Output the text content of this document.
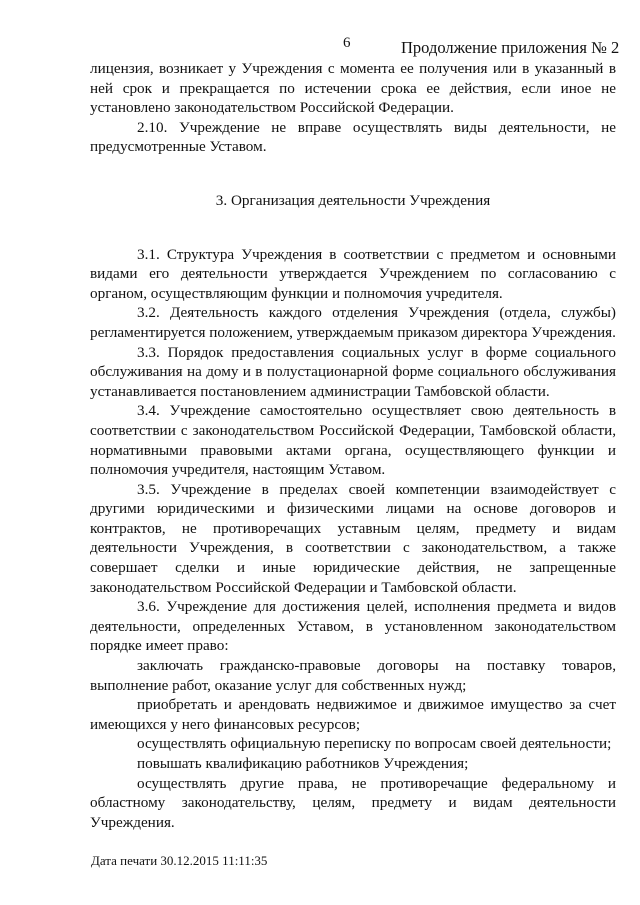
6	Продолжение приложения № 2

лицензия, возникает у Учреждения с момента ее получения или в указанный в ней срок и прекращается по истечении срока ее действия, если иное не установлено законодательством Российской Федерации.

2.10. Учреждение не вправе осуществлять виды деятельности, не предусмотренные Уставом.

3. Организация деятельности Учреждения

3.1. Структура Учреждения в соответствии с предметом и основными видами его деятельности утверждается Учреждением по согласованию с органом, осуществляющим функции и полномочия учредителя.

3.2. Деятельность каждого отделения Учреждения (отдела, службы) регламентируется положением, утверждаемым приказом директора Учреждения.

3.3. Порядок предоставления социальных услуг в форме социального обслуживания на дому и в полустационарной форме социального обслуживания устанавливается постановлением администрации Тамбовской области.

3.4. Учреждение самостоятельно осуществляет свою деятельность в соответствии с законодательством Российской Федерации, Тамбовской области, нормативными правовыми актами органа, осуществляющего функции и полномочия учредителя, настоящим Уставом.

3.5. Учреждение в пределах своей компетенции взаимодействует с другими юридическими и физическими лицами на основе договоров и контрактов, не противоречащих уставным целям, предмету и видам деятельности Учреждения, в соответствии с законодательством, а также совершает сделки и иные юридические действия, не запрещенные законодательством Российской Федерации и Тамбовской области.

3.6. Учреждение для достижения целей, исполнения предмета и видов деятельности, определенных Уставом, в установленном законодательством порядке имеет право:

заключать гражданско-правовые договоры на поставку товаров, выполнение работ, оказание услуг для собственных нужд;

приобретать и арендовать недвижимое и движимое имущество за счет имеющихся у него финансовых ресурсов;

осуществлять официальную переписку по вопросам своей деятельности;

повышать квалификацию работников Учреждения;

осуществлять другие права, не противоречащие федеральному и областному законодательству, целям, предмету и видам деятельности Учреждения.

Дата печати 30.12.2015 11:11:35
